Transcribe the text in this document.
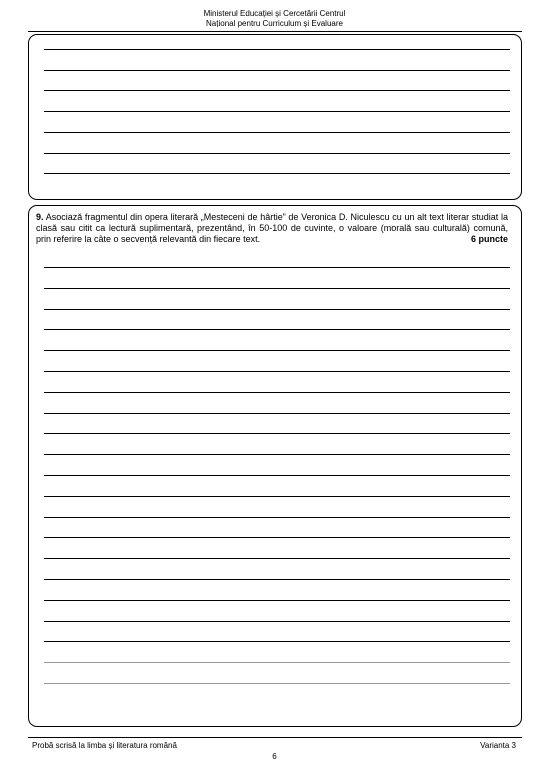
Ministerul Educației și Cercetării Centrul
Național pentru Curriculum și Evaluare
9. Asociază fragmentul din opera literară „Mesteceni de hârtie” de Veronica D. Niculescu cu un alt text literar studiat la clasă sau citit ca lectură suplimentară, prezentând, în 50-100 de cuvinte, o valoare (morală sau culturală) comună, prin referire la câte o secvență relevantă din fiecare text.	6 puncte
Probă scrisă la limba și literatura română	Varianta 3
6
